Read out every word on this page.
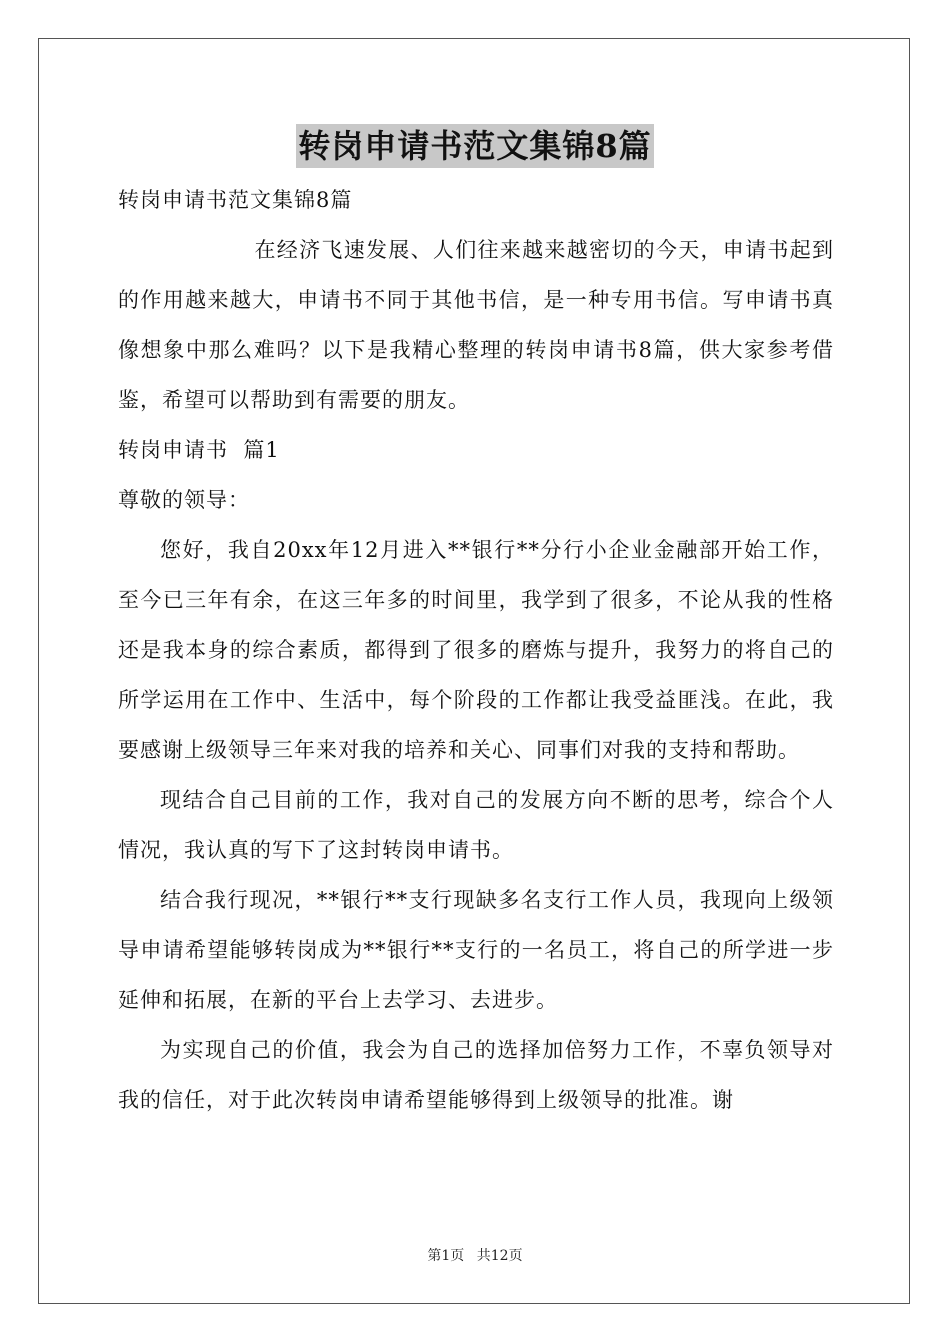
转岗申请书范文集锦8篇

转岗申请书范文集锦8篇

在经济飞速发展、人们往来越来越密切的今天，申请书起到的作用越来越大，申请书不同于其他书信，是一种专用书信。写申请书真像想象中那么难吗？以下是我精心整理的转岗申请书8篇，供大家参考借鉴，希望可以帮助到有需要的朋友。

转岗申请书  篇1

尊敬的领导：

您好，我自20xx年12月进入**银行**分行小企业金融部开始工作，至今已三年有余，在这三年多的时间里，我学到了很多，不论从我的性格还是我本身的综合素质，都得到了很多的磨炼与提升，我努力的将自己的所学运用在工作中、生活中，每个阶段的工作都让我受益匪浅。在此，我要感谢上级领导三年来对我的培养和关心、同事们对我的支持和帮助。

现结合自己目前的工作，我对自己的发展方向不断的思考，综合个人情况，我认真的写下了这封转岗申请书。

结合我行现况，**银行**支行现缺多名支行工作人员，我现向上级领导申请希望能够转岗成为**银行**支行的一名员工，将自己的所学进一步延伸和拓展，在新的平台上去学习、去进步。

为实现自己的价值，我会为自己的选择加倍努力工作，不辜负领导对我的信任，对于此次转岗申请希望能够得到上级领导的批准。谢

第1页 共12页
